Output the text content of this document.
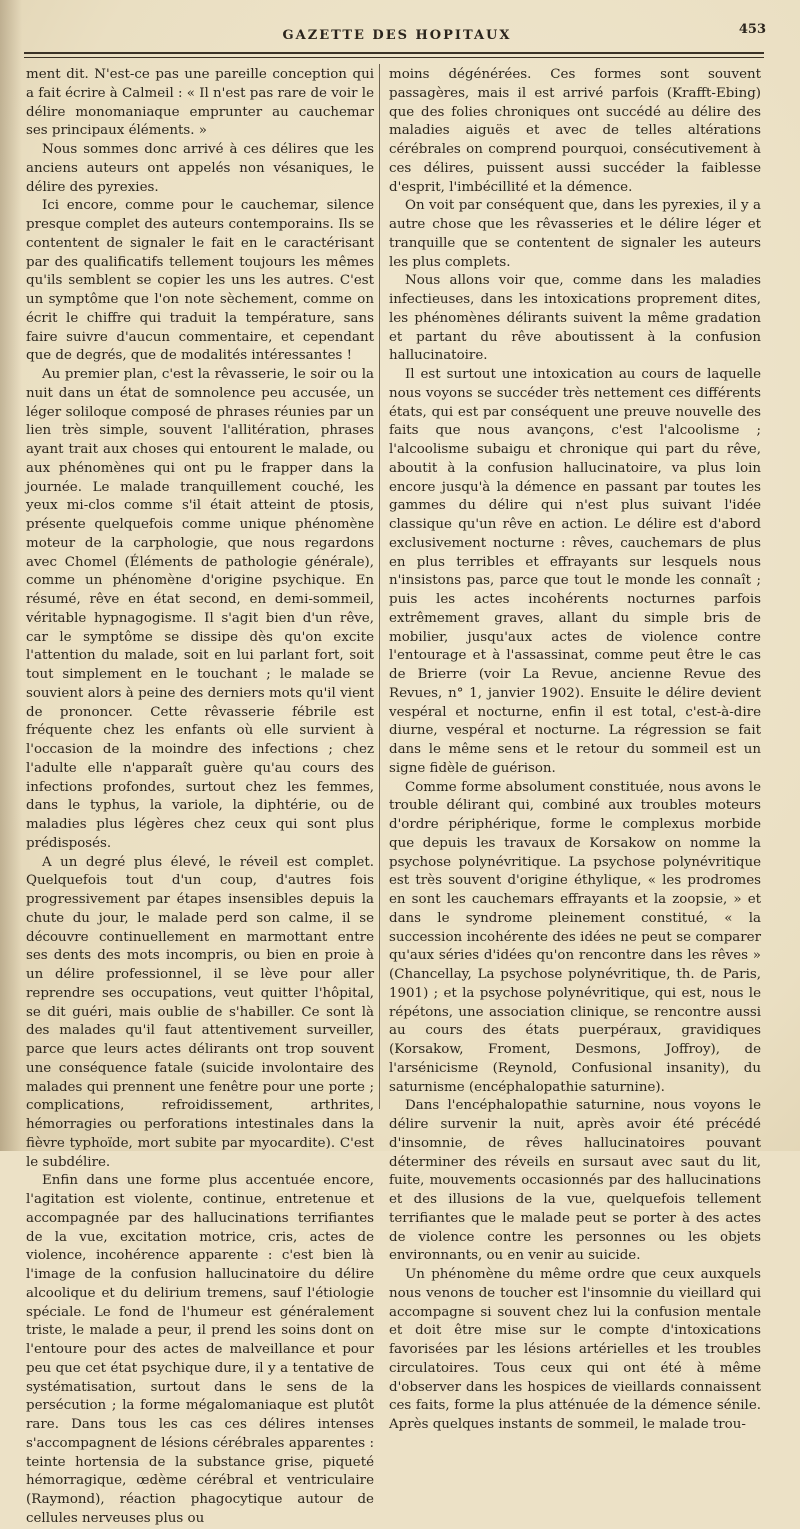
GAZETTE DES HOPITAUX	453

ment dit. N'est-ce pas une pareille conception qui a fait écrire à Calmeil : « Il n'est pas rare de voir le délire monomaniaque emprunter au cauchemar ses principaux éléments. »

Nous sommes donc arrivé à ces délires que les anciens auteurs ont appelés non vésaniques, le délire des pyrexies.

Ici encore, comme pour le cauchemar, silence presque complet des auteurs contemporains. Ils se contentent de signaler le fait en le caractérisant par des qualificatifs tellement toujours les mêmes qu'ils semblent se copier les uns les autres. C'est un symptôme que l'on note sèchement, comme on écrit le chiffre qui traduit la température, sans faire suivre d'aucun commentaire, et cependant que de degrés, que de modalités intéressantes !

Au premier plan, c'est la rêvasserie, le soir ou la nuit dans un état de somnolence peu accusée, un léger soliloque composé de phrases réunies par un lien très simple, souvent l'allitération, phrases ayant trait aux choses qui entourent le malade, ou aux phénomènes qui ont pu le frapper dans la journée. Le malade tranquillement couché, les yeux mi-clos comme s'il était atteint de ptosis, présente quelquefois comme unique phénomène moteur de la carphologie, que nous regardons avec Chomel (Éléments de pathologie générale), comme un phénomène d'origine psychique. En résumé, rêve en état second, en demi-sommeil, véritable hypnagogisme. Il s'agit bien d'un rêve, car le symptôme se dissipe dès qu'on excite l'attention du malade, soit en lui parlant fort, soit tout simplement en le touchant ; le malade se souvient alors à peine des derniers mots qu'il vient de prononcer. Cette rêvasserie fébrile est fréquente chez les enfants où elle survient à l'occasion de la moindre des infections ; chez l'adulte elle n'apparaît guère qu'au cours des infections profondes, surtout chez les femmes, dans le typhus, la variole, la diphtérie, ou de maladies plus légères chez ceux qui sont plus prédisposés.

A un degré plus élevé, le réveil est complet. Quelquefois tout d'un coup, d'autres fois progressivement par étapes insensibles depuis la chute du jour, le malade perd son calme, il se découvre continuellement en marmottant entre ses dents des mots incompris, ou bien en proie à un délire professionnel, il se lève pour aller reprendre ses occupations, veut quitter l'hôpital, se dit guéri, mais oublie de s'habiller. Ce sont là des malades qu'il faut attentivement surveiller, parce que leurs actes délirants ont trop souvent une conséquence fatale (suicide involontaire des malades qui prennent une fenêtre pour une porte ; complications, refroidissement, arthrites, hémorragies ou perforations intestinales dans la fièvre typhoïde, mort subite par myocardite). C'est le subdélire.

Enfin dans une forme plus accentuée encore, l'agitation est violente, continue, entretenue et accompagnée par des hallucinations terrifiantes de la vue, excitation motrice, cris, actes de violence, incohérence apparente : c'est bien là l'image de la confusion hallucinatoire du délire alcoolique et du delirium tremens, sauf l'étiologie spéciale. Le fond de l'humeur est généralement triste, le malade a peur, il prend les soins dont on l'entoure pour des actes de malveillance et pour peu que cet état psychique dure, il y a tentative de systématisation, surtout dans le sens de la persécution ; la forme mégalomaniaque est plutôt rare. Dans tous les cas ces délires intenses s'accompagnent de lésions cérébrales apparentes : teinte hortensia de la substance grise, piqueté hémorragique, œdème cérébral et ventriculaire (Raymond), réaction phagocytique autour de cellules nerveuses plus ou

moins dégénérées. Ces formes sont souvent passagères, mais il est arrivé parfois (Krafft-Ebing) que des folies chroniques ont succédé au délire des maladies aiguës et avec de telles altérations cérébrales on comprend pourquoi, consécutivement à ces délires, puissent aussi succéder la faiblesse d'esprit, l'imbécillité et la démence.

On voit par conséquent que, dans les pyrexies, il y a autre chose que les rêvasseries et le délire léger et tranquille que se contentent de signaler les auteurs les plus complets.

Nous allons voir que, comme dans les maladies infectieuses, dans les intoxications proprement dites, les phénomènes délirants suivent la même gradation et partant du rêve aboutissent à la confusion hallucinatoire.

Il est surtout une intoxication au cours de laquelle nous voyons se succéder très nettement ces différents états, qui est par conséquent une preuve nouvelle des faits que nous avançons, c'est l'alcoolisme ; l'alcoolisme subaigu et chronique qui part du rêve, aboutit à la confusion hallucinatoire, va plus loin encore jusqu'à la démence en passant par toutes les gammes du délire qui n'est plus suivant l'idée classique qu'un rêve en action. Le délire est d'abord exclusivement nocturne : rêves, cauchemars de plus en plus terribles et effrayants sur lesquels nous n'insistons pas, parce que tout le monde les connaît ; puis les actes incohérents nocturnes parfois extrêmement graves, allant du simple bris de mobilier, jusqu'aux actes de violence contre l'entourage et à l'assassinat, comme peut être le cas de Brierre (voir La Revue, ancienne Revue des Revues, n° 1, janvier 1902). Ensuite le délire devient vespéral et nocturne, enfin il est total, c'est-à-dire diurne, vespéral et nocturne. La régression se fait dans le même sens et le retour du sommeil est un signe fidèle de guérison.

Comme forme absolument constituée, nous avons le trouble délirant qui, combiné aux troubles moteurs d'ordre périphérique, forme le complexus morbide que depuis les travaux de Korsakow on nomme la psychose polynévritique. La psychose polynévritique est très souvent d'origine éthylique, « les prodromes en sont les cauchemars effrayants et la zoopsie, » et dans le syndrome pleinement constitué, « la succession incohérente des idées ne peut se comparer qu'aux séries d'idées qu'on rencontre dans les rêves » (Chancellay, La psychose polynévritique, th. de Paris, 1901) ; et la psychose polynévritique, qui est, nous le répétons, une association clinique, se rencontre aussi au cours des états puerpéraux, gravidiques (Korsakow, Froment, Desmons, Joffroy), de l'arsénicisme (Reynold, Confusional insanity), du saturnisme (encéphalopathie saturnine).

Dans l'encéphalopathie saturnine, nous voyons le délire survenir la nuit, après avoir été précédé d'insomnie, de rêves hallucinatoires pouvant déterminer des réveils en sursaut avec saut du lit, fuite, mouvements occasionnés par des hallucinations et des illusions de la vue, quelquefois tellement terrifiantes que le malade peut se porter à des actes de violence contre les personnes ou les objets environnants, ou en venir au suicide.

Un phénomène du même ordre que ceux auxquels nous venons de toucher est l'insomnie du vieillard qui accompagne si souvent chez lui la confusion mentale et doit être mise sur le compte d'intoxications favorisées par les lésions artérielles et les troubles circulatoires. Tous ceux qui ont été à même d'observer dans les hospices de vieillards connaissent ces faits, forme la plus atténuée de la démence sénile. Après quelques instants de sommeil, le malade trou-
